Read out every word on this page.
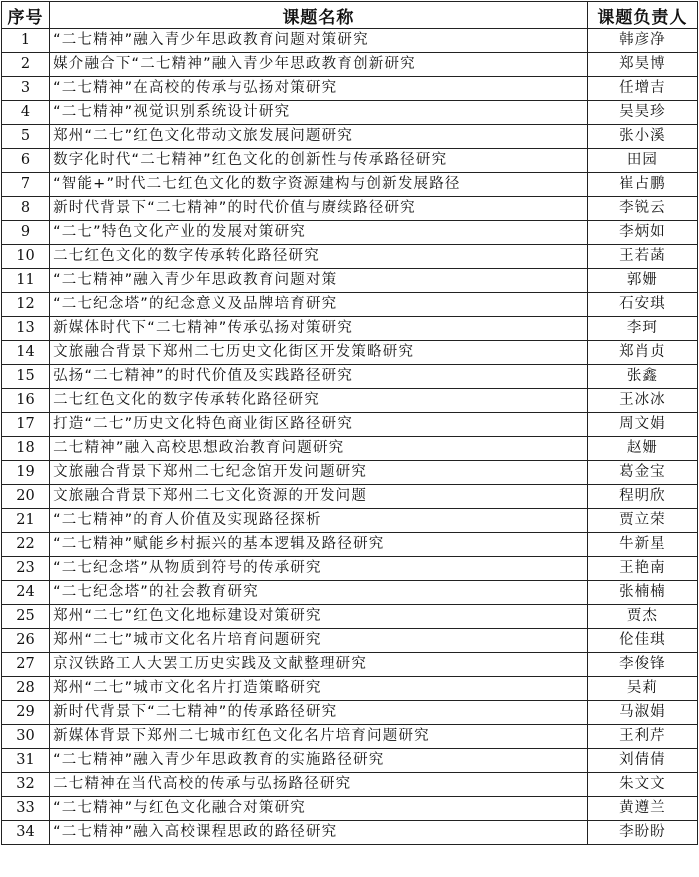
序号	课题名称	课题负责人
1	“二七精神”融入青少年思政教育问题对策研究	韩彦净
2	媒介融合下“二七精神”融入青少年思政教育创新研究	郑昊博
3	“二七精神”在高校的传承与弘扬对策研究	任增吉
4	“二七精神”视觉识别系统设计研究	吴昊珍
5	郑州“二七”红色文化带动文旅发展问题研究	张小溪
6	数字化时代“二七精神”红色文化的创新性与传承路径研究	田园
7	“智能+”时代二七红色文化的数字资源建构与创新发展路径	崔占鹏
8	新时代背景下“二七精神”的时代价值与赓续路径研究	李锐云
9	“二七”特色文化产业的发展对策研究	李炳如
10	二七红色文化的数字传承转化路径研究	王若菡
11	“二七精神”融入青少年思政教育问题对策	郭姗
12	“二七纪念塔”的纪念意义及品牌培育研究	石安琪
13	新媒体时代下“二七精神”传承弘扬对策研究	李珂
14	文旅融合背景下郑州二七历史文化街区开发策略研究	郑肖贞
15	弘扬“二七精神”的时代价值及实践路径研究	张鑫
16	二七红色文化的数字传承转化路径研究	王冰冰
17	打造“二七”历史文化特色商业街区路径研究	周文娟
18	二七精神”融入高校思想政治教育问题研究	赵姗
19	文旅融合背景下郑州二七纪念馆开发问题研究	葛金宝
20	文旅融合背景下郑州二七文化资源的开发问题	程明欣
21	“二七精神”的育人价值及实现路径探析	贾立荣
22	“二七精神”赋能乡村振兴的基本逻辑及路径研究	牛新星
23	“二七纪念塔”从物质到符号的传承研究	王艳南
24	“二七纪念塔”的社会教育研究	张楠楠
25	郑州“二七”红色文化地标建设对策研究	贾杰
26	郑州“二七”城市文化名片培育问题研究	伦佳琪
27	京汉铁路工人大罢工历史实践及文献整理研究	李俊锋
28	郑州“二七”城市文化名片打造策略研究	吴莉
29	新时代背景下“二七精神”的传承路径研究	马淑娟
30	新媒体背景下郑州二七城市红色文化名片培育问题研究	王利芹
31	“二七精神”融入青少年思政教育的实施路径研究	刘倩倩
32	二七精神在当代高校的传承与弘扬路径研究	朱文文
33	“二七精神”与红色文化融合对策研究	黄遵兰
34	“二七精神”融入高校课程思政的路径研究	李盼盼
